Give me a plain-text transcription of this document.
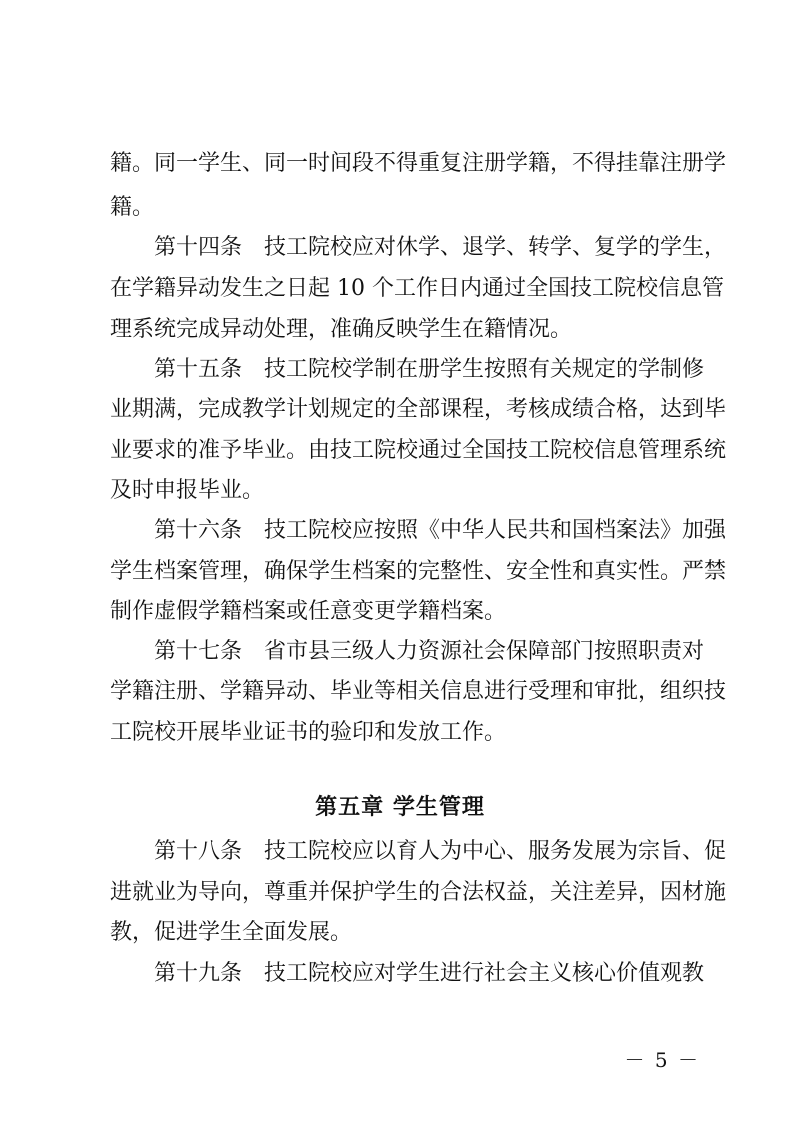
籍。同一学生、同一时间段不得重复注册学籍，不得挂靠注册学
籍。
第十四条　技工院校应对休学、退学、转学、复学的学生，
在学籍异动发生之日起 10 个工作日内通过全国技工院校信息管
理系统完成异动处理，准确反映学生在籍情况。
第十五条　技工院校学制在册学生按照有关规定的学制修
业期满，完成教学计划规定的全部课程，考核成绩合格，达到毕
业要求的准予毕业。由技工院校通过全国技工院校信息管理系统
及时申报毕业。
第十六条　技工院校应按照《中华人民共和国档案法》加强
学生档案管理，确保学生档案的完整性、安全性和真实性。严禁
制作虚假学籍档案或任意变更学籍档案。
第十七条　省市县三级人力资源社会保障部门按照职责对
学籍注册、学籍异动、毕业等相关信息进行受理和审批，组织技
工院校开展毕业证书的验印和发放工作。
第五章 学生管理
第十八条　技工院校应以育人为中心、服务发展为宗旨、促
进就业为导向，尊重并保护学生的合法权益，关注差异，因材施
教，促进学生全面发展。
第十九条　技工院校应对学生进行社会主义核心价值观教
－ 5 －
